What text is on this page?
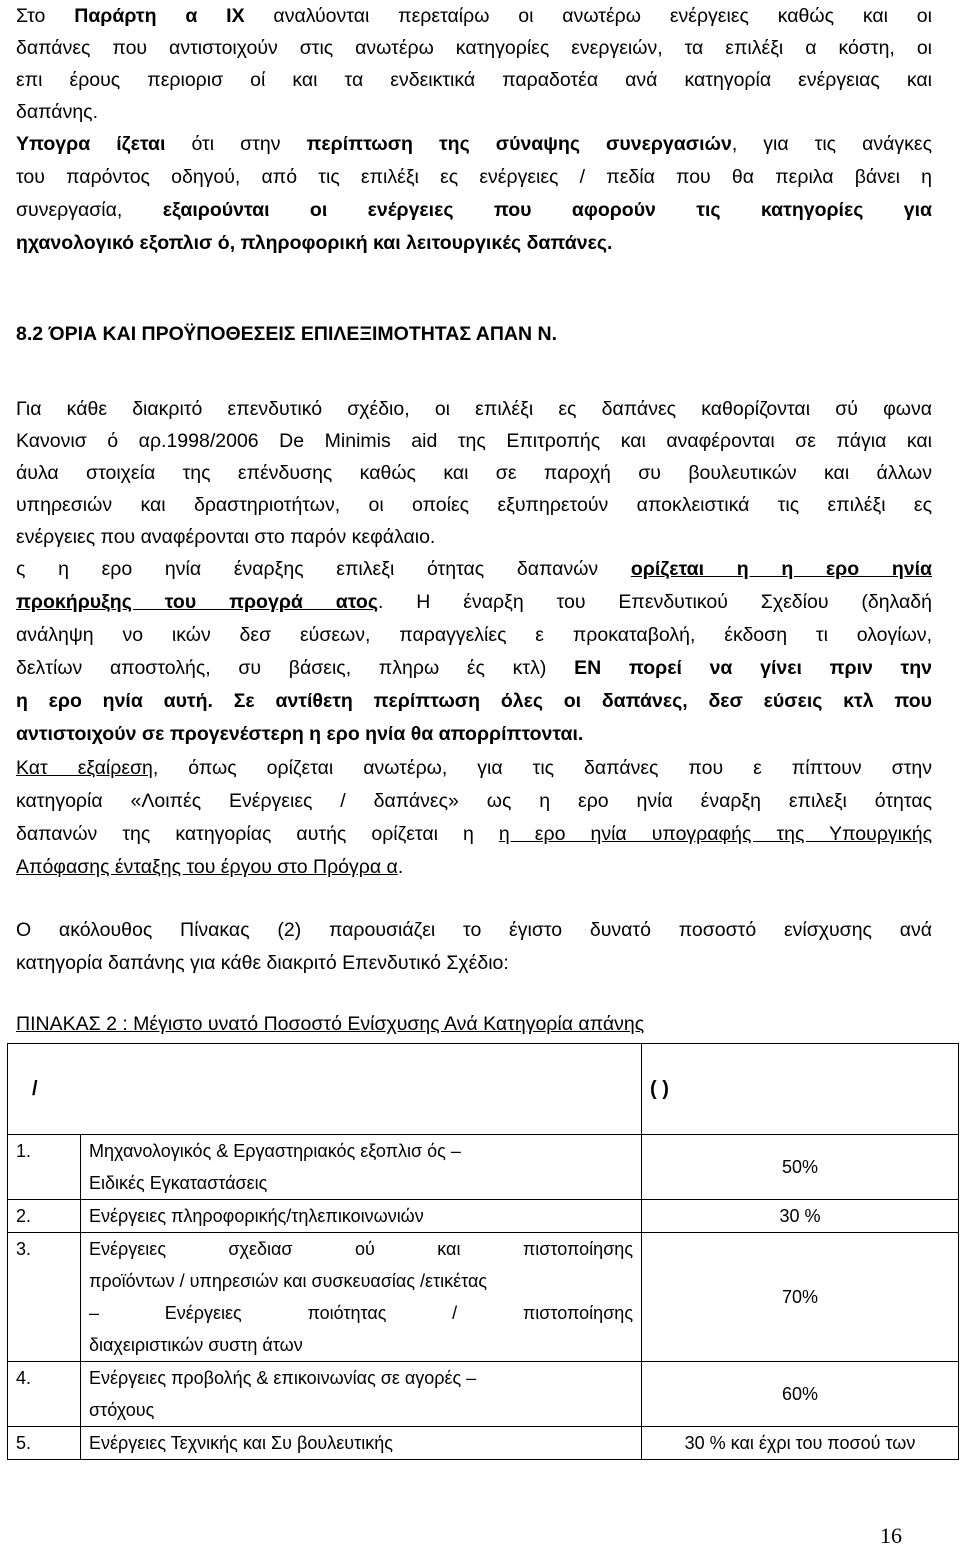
Στο Παράρτη α ΙΧ αναλύονται περεταίρω οι ανωτέρω ενέργειες καθώς και οι

δαπάνες που αντιστοιχούν στις ανωτέρω κατηγορίες ενεργειών, τα επιλέξι α κόστη, οι

επι έρους περιορισ οί και τα ενδεικτικά παραδοτέα ανά κατηγορία ενέργειας και

δαπάνης.

Υπογρα ίζεται ότι στην περίπτωση της σύναψης συνεργασιών, για τις ανάγκες

του παρόντος οδηγού, από τις επιλέξι ες ενέργειες / πεδία που θα περιλα βάνει η

συνεργασία, εξαιρούνται οι ενέργειες που αφορούν τις κατηγορίες για

ηχανολογικό εξοπλισ ό, πληροφορική και λειτουργικές δαπάνες.

8.2 ΌΡΙΑ ΚΑΙ ΠΡΟΫΠΟΘΕΣΕΙΣ ΕΠΙΛΕΞΙΜΟΤΗΤΑΣ ΑΠΑΝ Ν.

Για κάθε διακριτό επενδυτικό σχέδιο, οι επιλέξι ες δαπάνες καθορίζονται σύ φωνα

Κανονισ ό αρ.1998/2006 De Minimis aid της Επιτροπής και αναφέρονται σε πάγια και

άυλα στοιχεία της επένδυσης καθώς και σε παροχή συ βουλευτικών και άλλων

υπηρεσιών και δραστηριοτήτων, οι οποίες εξυπηρετούν αποκλειστικά τις επιλέξι ες

ενέργειες που αναφέρονται στο παρόν κεφάλαιο.

ς η ερο ηνία έναρξης επιλεξι ότητας δαπανών ορίζεται η η ερο ηνία

προκήρυξης του προγρά ατος. Η έναρξη του Επενδυτικού Σχεδίου (δηλαδή

ανάληψη νο ικών δεσ εύσεων, παραγγελίες ε προκαταβολή, έκδοση τι ολογίων,

δελτίων αποστολής, συ βάσεις, πληρω ές κτλ) ΕΝ πορεί να γίνει πριν την

η ερο ηνία αυτή. Σε αντίθετη περίπτωση όλες οι δαπάνες, δεσ εύσεις κτλ που

αντιστοιχούν σε προγενέστερη η ερο ηνία θα απορρίπτονται.

Κατ εξαίρεση, όπως ορίζεται ανωτέρω, για τις δαπάνες που ε πίπτουν στην

κατηγορία «Λοιπές Ενέργειες / δαπάνες» ως η ερο ηνία έναρξη επιλεξι ότητας

δαπανών της κατηγορίας αυτής ορίζεται η η ερο ηνία υπογραφής της Υπουργικής

Απόφασης ένταξης του έργου στο Πρόγρα α.

Ο ακόλουθος Πίνακας (2) παρουσιάζει το έγιστο δυνατό ποσοστό ενίσχυσης ανά

κατηγορία δαπάνης για κάθε διακριτό Επενδυτικό Σχέδιο:

ΠΙΝΑΚΑΣ 2 : Μέγιστο υνατό Ποσοστό Ενίσχυσης Ανά Κατηγορία απάνης

/		( )

1.	Μηχανολογικός & Εργαστηριακός εξοπλισ ός –
Ειδικές Εγκαταστάσεις	50%
2.	Ενέργειες πληροφορικής/τηλεπικοινωνιών	30 %

3.	Ενέργειες σχεδιασ ού και πιστοποίησης
προϊόντων / υπηρεσιών και συσκευασίας /ετικέτας
– Ενέργειες ποιότητας / πιστοποίησης
διαχειριστικών συστη άτων	70%

4.	Ενέργειες προβολής & επικοινωνίας σε αγορές –
στόχους	60%
5.	Ενέργειες Τεχνικής και Συ βουλευτικής	30 % και έχρι του ποσού των

16
